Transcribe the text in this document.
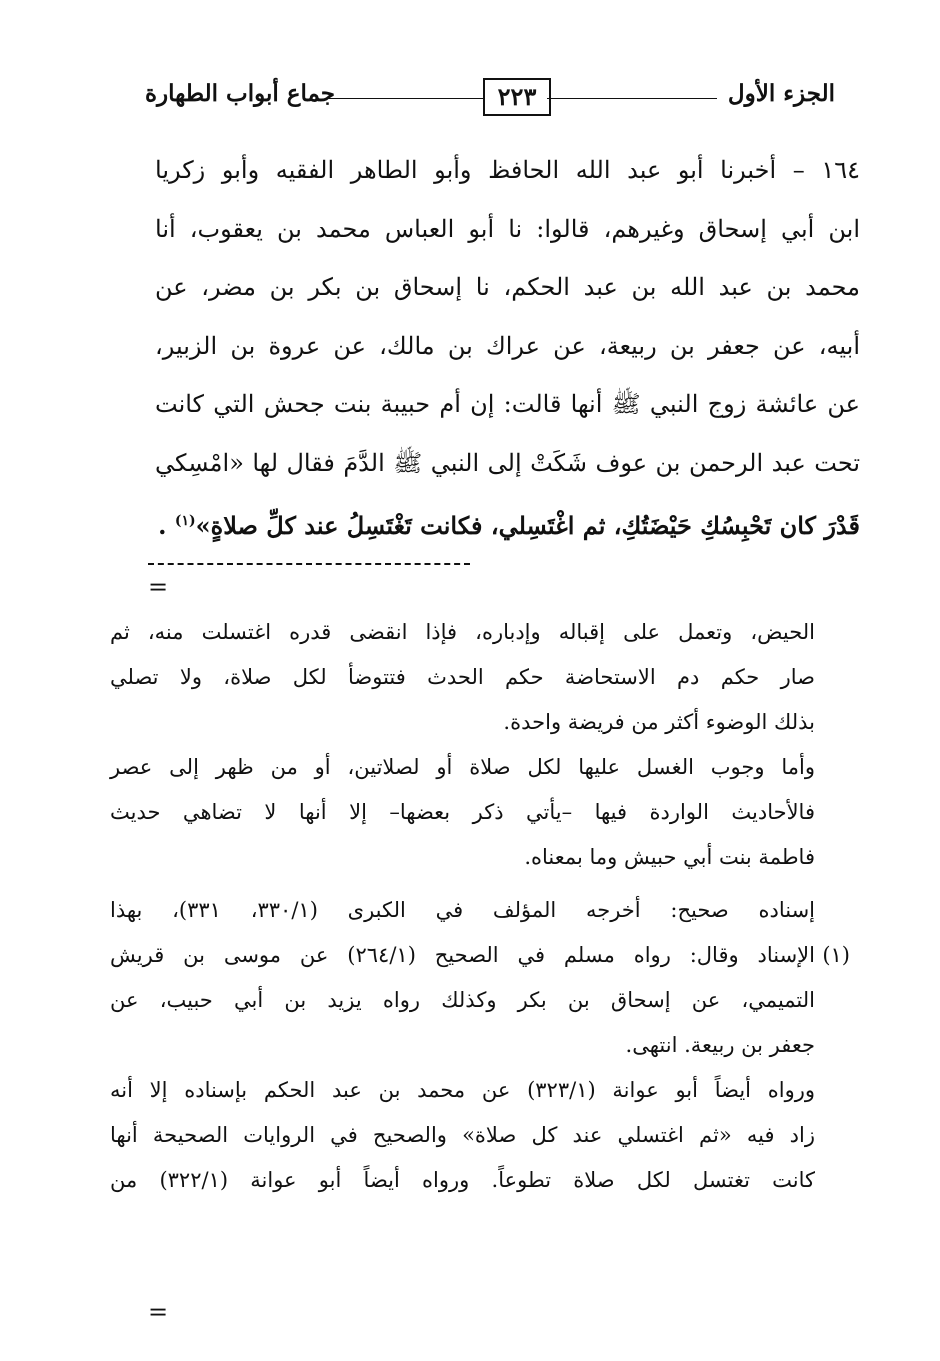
الجزء الأول
٢٢٣
جماع أبواب الطهارة
١٦٤ – أخبرنا أبو عبد الله الحافظ وأبو الطاهر الفقيه وأبو زكريا
ابن أبي إسحاق وغيرهم، قالوا: نا أبو العباس محمد بن يعقوب، أنا
محمد بن عبد الله بن عبد الحكم، نا إسحاق بن بكر بن مضر، عن
أبيه، عن جعفر بن ربيعة، عن عراك بن مالك، عن عروة بن الزبير،
عن عائشة زوج النبي ﷺ أنها قالت: إن أم حبيبة بنت جحش التي كانت
تحت عبد الرحمن بن عوف شَكَتْ إلى النبي ﷺ الدَّمَ فقال لها «امْسِكي
قَدْرَ كان تَحْبِسُكِ حَيْضَتُكِ، ثم اغْتَسِلي، فكانت تَغْتَسِلُ عند كلِّ صلاةٍ»$^{(١)}$ .
=
الحيض، وتعمل على إقباله وإدباره، فإذا انقضى قدره اغتسلت منه، ثم
صار حكم دم الاستحاضة حكم الحدث فتتوضأ لكل صلاة، ولا تصلي
بذلك الوضوء أكثر من فريضة واحدة.
وأما وجوب الغسل عليها لكل صلاة أو لصلاتين، أو من ظهر إلى عصر
فالأحاديث الواردة فيها –يأتي ذكر بعضها– إلا أنها لا تضاهي حديث
فاطمة بنت أبي حبيش وما بمعناه.
إسناده صحيح: أخرجه المؤلف في الكبرى (٣٣٠/١، ٣٣١)، بهذا
الإسناد وقال: رواه مسلم في الصحيح (٢٦٤/١) عن موسى بن قريش
التميمي، عن إسحاق بن بكر وكذلك رواه يزيد بن أبي حبيب، عن
جعفر بن ربيعة. انتهى.
ورواه أيضاً أبو عوانة (٣٢٣/١) عن محمد بن عبد الحكم بإسناده إلا أنه
زاد فيه «ثم اغتسلي عند كل صلاة» والصحيح في الروايات الصحيحة أنها
كانت تغتسل لكل صلاة تطوعاً. ورواه أيضاً أبو عوانة (٣٢٢/١) من
(١)
=
